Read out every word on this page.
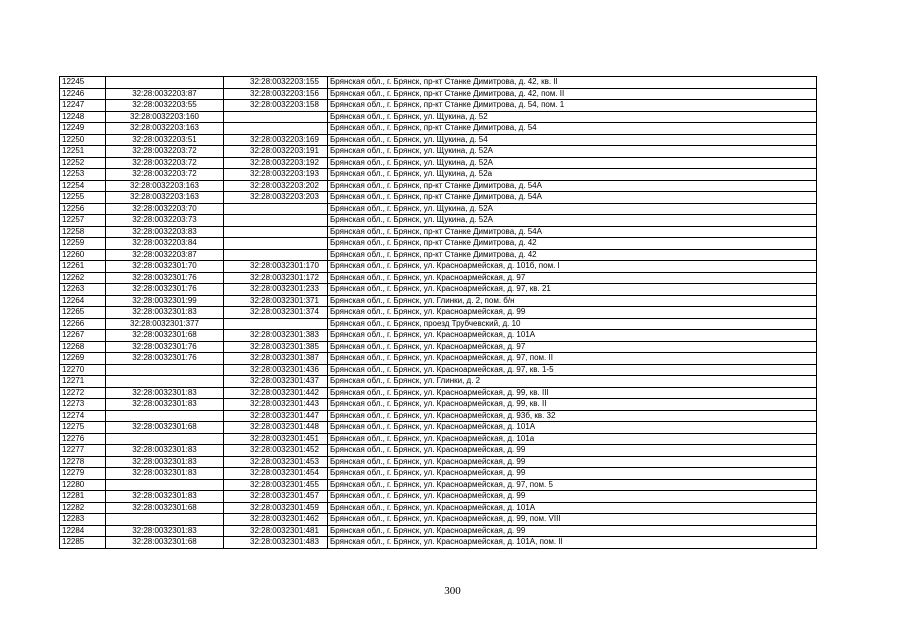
12245		32:28:0032203:155	Брянская обл., г. Брянск, пр-кт Станке Димитрова, д. 42, кв. II
12246	32:28:0032203:87	32:28:0032203:156	Брянская обл., г. Брянск, пр-кт Станке Димитрова, д. 42, пом. II
12247	32:28:0032203:55	32:28:0032203:158	Брянская обл., г. Брянск, пр-кт Станке Димитрова, д. 54, пом. 1
12248	32:28:0032203:160		Брянская обл., г. Брянск, ул. Щукина, д. 52
12249	32:28:0032203:163		Брянская обл., г. Брянск, пр-кт Станке Димитрова, д. 54
12250	32:28:0032203:51	32:28:0032203:169	Брянская обл., г. Брянск, ул. Щукина, д. 54
12251	32:28:0032203:72	32:28:0032203:191	Брянская обл., г. Брянск, ул. Щукина, д. 52А
12252	32:28:0032203:72	32:28:0032203:192	Брянская обл., г. Брянск, ул. Щукина, д. 52А
12253	32:28:0032203:72	32:28:0032203:193	Брянская обл., г. Брянск, ул. Щукина, д. 52а
12254	32:28:0032203:163	32:28:0032203:202	Брянская обл., г. Брянск, пр-кт Станке Димитрова, д. 54А
12255	32:28:0032203:163	32:28:0032203:203	Брянская обл., г. Брянск, пр-кт Станке Димитрова, д. 54А
12256	32:28:0032203:70		Брянская обл., г. Брянск, ул. Щукина, д. 52А
12257	32:28:0032203:73		Брянская обл., г. Брянск, ул. Щукина, д. 52А
12258	32:28:0032203:83		Брянская обл., г. Брянск, пр-кт Станке Димитрова, д. 54А
12259	32:28:0032203:84		Брянская обл., г. Брянск, пр-кт Станке Димитрова, д. 42
12260	32:28:0032203:87		Брянская обл., г. Брянск, пр-кт Станке Димитрова, д. 42
12261	32:28:0032301:70	32:28:0032301:170	Брянская обл., г. Брянск, ул. Красноармейская, д. 101б, пом. I
12262	32:28:0032301:76	32:28:0032301:172	Брянская обл., г. Брянск, ул. Красноармейская, д. 97
12263	32:28:0032301:76	32:28:0032301:233	Брянская обл., г. Брянск, ул. Красноармейская, д. 97, кв. 21
12264	32:28:0032301:99	32:28:0032301:371	Брянская обл., г. Брянск, ул. Глинки, д. 2, пом. б/н
12265	32:28:0032301:83	32:28:0032301:374	Брянская обл., г. Брянск, ул. Красноармейская, д. 99
12266	32:28:0032301:377		Брянская обл., г. Брянск, проезд Трубчевский, д. 10
12267	32:28:0032301:68	32:28:0032301:383	Брянская обл., г. Брянск, ул. Красноармейская, д. 101А
12268	32:28:0032301:76	32:28:0032301:385	Брянская обл., г. Брянск, ул. Красноармейская, д. 97
12269	32:28:0032301:76	32:28:0032301:387	Брянская обл., г. Брянск, ул. Красноармейская, д. 97, пом. II
12270		32:28:0032301:436	Брянская обл., г. Брянск, ул. Красноармейская, д. 97, кв. 1-5
12271		32:28:0032301:437	Брянская обл., г. Брянск, ул. Глинки, д. 2
12272	32:28:0032301:83	32:28:0032301:442	Брянская обл., г. Брянск, ул. Красноармейская, д. 99, кв. III
12273	32:28:0032301:83	32:28:0032301:443	Брянская обл., г. Брянск, ул. Красноармейская, д. 99, кв. II
12274		32:28:0032301:447	Брянская обл., г. Брянск, ул. Красноармейская, д. 93б, кв. 32
12275	32:28:0032301:68	32:28:0032301:448	Брянская обл., г. Брянск, ул. Красноармейская, д. 101А
12276		32:28:0032301:451	Брянская обл., г. Брянск, ул. Красноармейская, д. 101а
12277	32:28:0032301:83	32:28:0032301:452	Брянская обл., г. Брянск, ул. Красноармейская, д. 99
12278	32:28:0032301:83	32:28:0032301:453	Брянская обл., г. Брянск, ул. Красноармейская, д. 99
12279	32:28:0032301:83	32:28:0032301:454	Брянская обл., г. Брянск, ул. Красноармейская, д. 99
12280		32:28:0032301:455	Брянская обл., г. Брянск, ул. Красноармейская, д. 97, пом. 5
12281	32:28:0032301:83	32:28:0032301:457	Брянская обл., г. Брянск, ул. Красноармейская, д. 99
12282	32:28:0032301:68	32:28:0032301:459	Брянская обл., г. Брянск, ул. Красноармейская, д. 101А
12283		32:28:0032301:462	Брянская обл., г. Брянск, ул. Красноармейская, д. 99, пом. VIII
12284	32:28:0032301:83	32:28:0032301:481	Брянская обл., г. Брянск, ул. Красноармейская, д. 99
12285	32:28:0032301:68	32:28:0032301:483	Брянская обл., г. Брянск, ул. Красноармейская, д. 101А, пом. II
300
